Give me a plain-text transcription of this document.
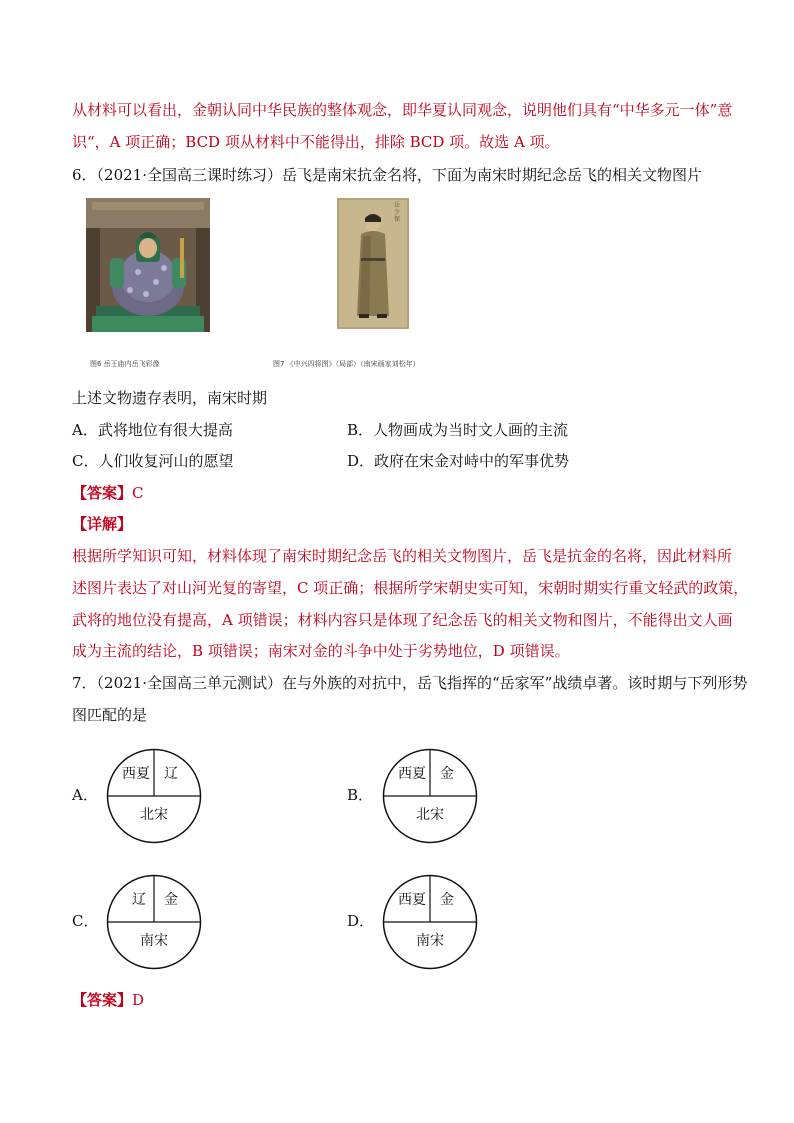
从材料可以看出，金朝认同中华民族的整体观念，即华夏认同观念，说明他们具有“中华多元一体”意
识“，A 项正确；BCD 项从材料中不能得出，排除 BCD 项。故选 A 项。
6．（2021·全国高三课时练习）岳飞是南宋抗金名将，下面为南宋时期纪念岳飞的相关文物图片
图6 岳王庙内岳飞彩像
岳 少 保
图7 《中兴四将图》（局部）（南宋画家刘松年）
上述文物遗存表明，南宋时期
A．武将地位有很大提高	B．人物画成为当时文人画的主流
C．人们收复河山的愿望	D．政府在宋金对峙中的军事优势
【答案】C
【详解】
根据所学知识可知，材料体现了南宋时期纪念岳飞的相关文物图片，岳飞是抗金的名将，因此材料所
述图片表达了对山河光复的寄望，C 项正确；根据所学宋朝史实可知，宋朝时期实行重文轻武的政策，
武将的地位没有提高，A 项错误；材料内容只是体现了纪念岳飞的相关文物和图片，不能得出文人画
成为主流的结论，B 项错误；南宋对金的斗争中处于劣势地位，D 项错误。
7．（2021·全国高三单元测试）在与外族的对抗中，岳飞指挥的“岳家军”战绩卓著。该时期与下列形势
图匹配的是
A．
西夏	辽
北宋
B．
西夏	金
北宋
C．
辽	金
南宋
D．
西夏	金
南宋
【答案】D
